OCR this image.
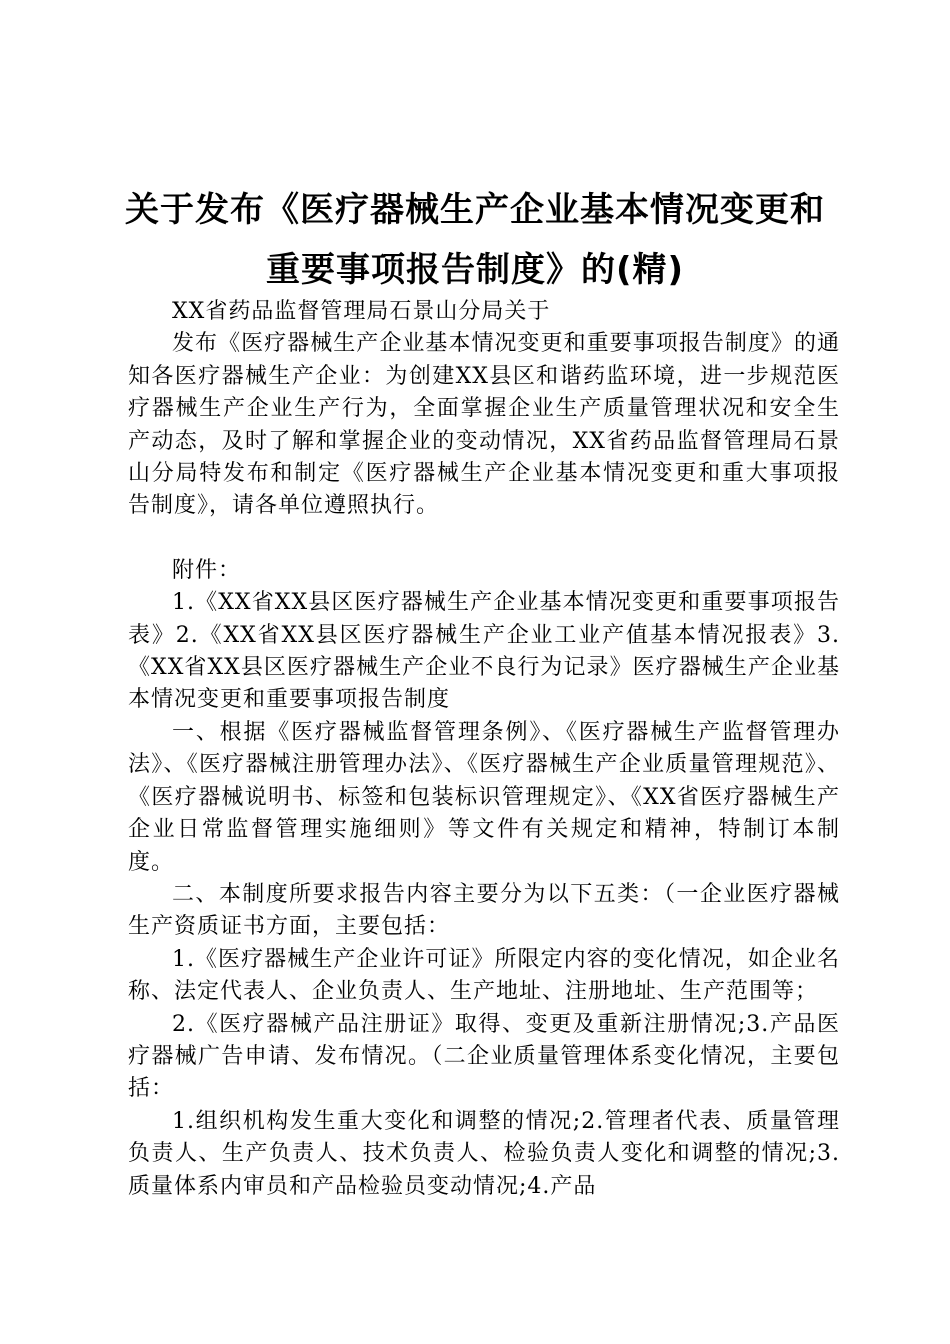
关于发布《医疗器械生产企业基本情况变更和
重要事项报告制度》的(精)

XX省药品监督管理局石景山分局关于

发布《医疗器械生产企业基本情况变更和重要事项报告制度》的通知各医疗器械生产企业：为创建XX县区和谐药监环境，进一步规范医疗器械生产企业生产行为，全面掌握企业生产质量管理状况和安全生产动态，及时了解和掌握企业的变动情况，XX省药品监督管理局石景山分局特发布和制定《医疗器械生产企业基本情况变更和重大事项报告制度》，请各单位遵照执行。

附件：

1.《XX省XX县区医疗器械生产企业基本情况变更和重要事项报告表》2.《XX省XX县区医疗器械生产企业工业产值基本情况报表》3.《XX省XX县区医疗器械生产企业不良行为记录》医疗器械生产企业基本情况变更和重要事项报告制度

一、根据《医疗器械监督管理条例》、《医疗器械生产监督管理办法》、《医疗器械注册管理办法》、《医疗器械生产企业质量管理规范》、《医疗器械说明书、标签和包装标识管理规定》、《XX省医疗器械生产企业日常监督管理实施细则》等文件有关规定和精神，特制订本制度。

二、本制度所要求报告内容主要分为以下五类：（一企业医疗器械生产资质证书方面，主要包括：

1.《医疗器械生产企业许可证》所限定内容的变化情况，如企业名称、法定代表人、企业负责人、生产地址、注册地址、生产范围等；

2.《医疗器械产品注册证》取得、变更及重新注册情况;3.产品医疗器械广告申请、发布情况。（二企业质量管理体系变化情况，主要包括：

1.组织机构发生重大变化和调整的情况;2.管理者代表、质量管理负责人、生产负责人、技术负责人、检验负责人变化和调整的情况;3.质量体系内审员和产品检验员变动情况;4.产品
